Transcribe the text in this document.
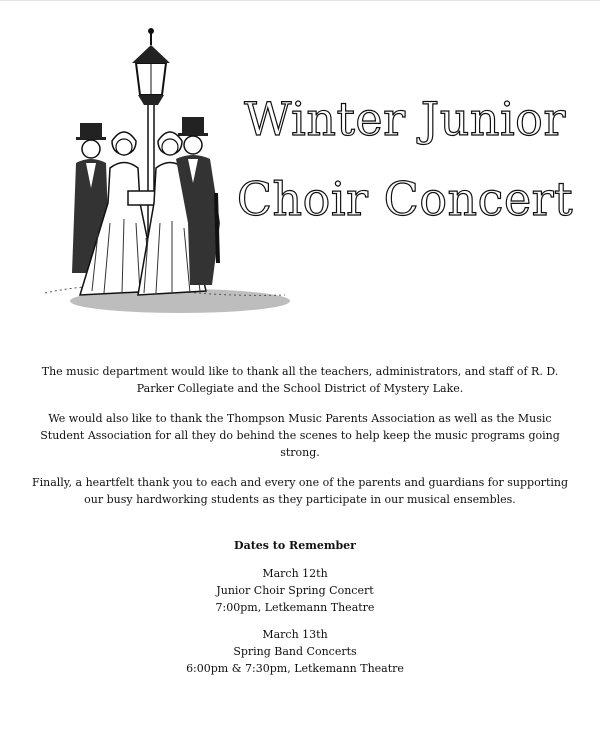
Winter Junior
Choir Concert

The music department would like to thank all the teachers, administrators, and staff of R. D. Parker Collegiate and the School District of Mystery Lake.

We would also like to thank the Thompson Music Parents Association as well as the Music Student Association for all they do behind the scenes to help keep the music programs going strong.

Finally, a heartfelt thank you to each and every one of the parents and guardians for supporting our busy hardworking students as they participate in our musical ensembles.

Dates to Remember
March 12th
Junior Choir Spring Concert
7:00pm, Letkemann Theatre
March 13th
Spring Band Concerts
6:00pm & 7:30pm, Letkemann Theatre
